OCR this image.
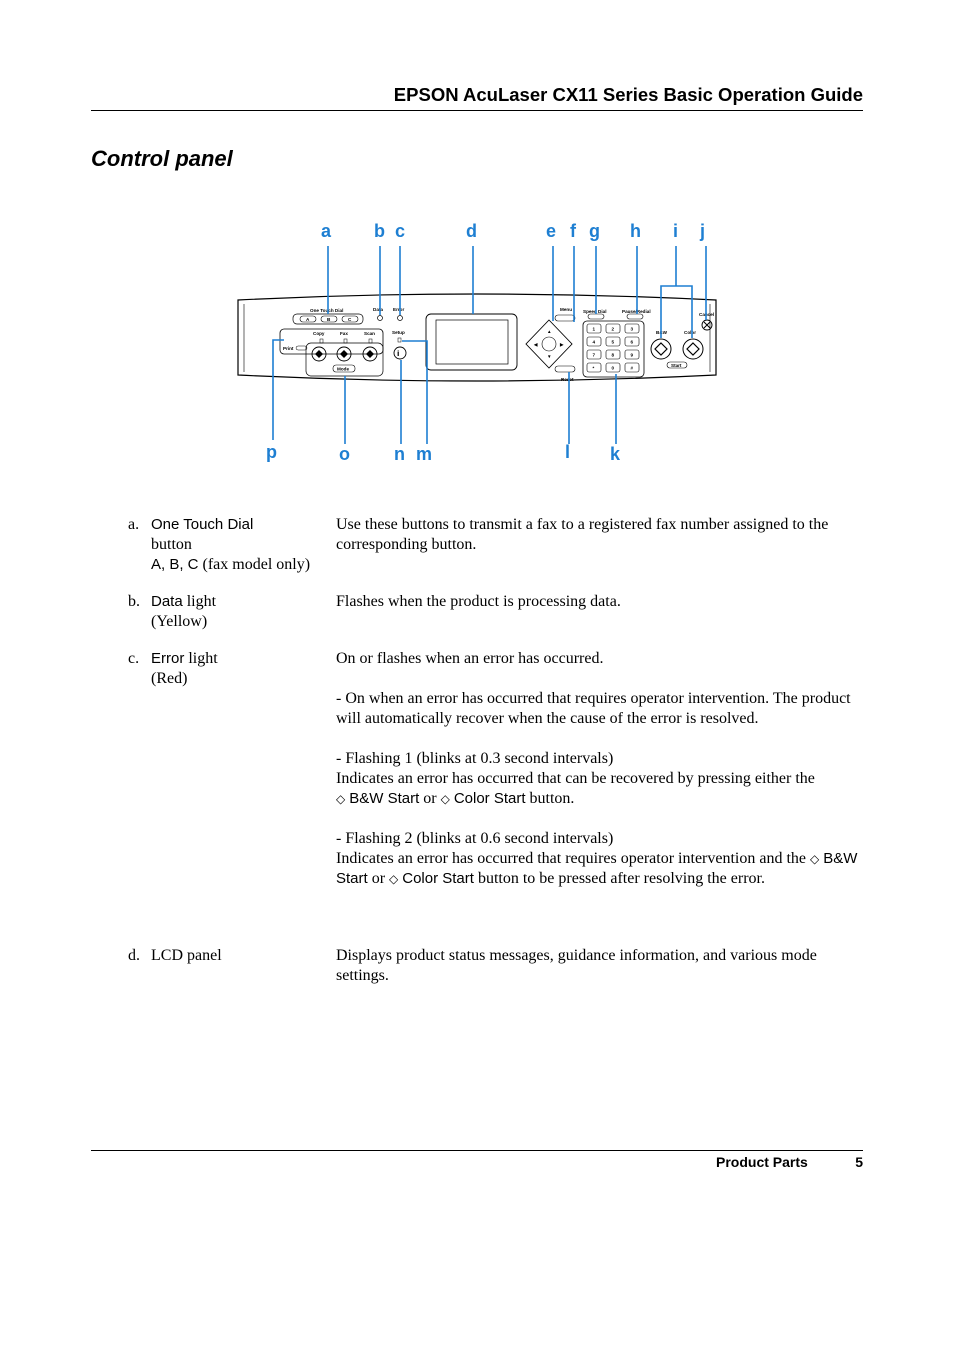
EPSON AcuLaser CX11 Series Basic Operation Guide
Control panel
One Touch Dial
A	B	C
Data Error
Copy	Fax	Scan
Print
Mode
Setup
i
Menu
▲
▼
◀	▶
Reset
Speed Dial	Pause/Redial
1	2	3
4	5	6
7	8	9
*	0	#
Cancel
B&W	Color
Start
a b c	d	e f g h i j
k
l
m
n
o
p
a. One Touch Dial
button
A, B, C (fax model only)

Use these buttons to transmit a fax to a registered fax number assigned to the corresponding button.

b. Data light
(Yellow)

Flashes when the product is processing data.

c. Error light
(Red)

On or flashes when an error has occurred.

- On when an error has occurred that requires operator intervention. The product will automatically recover when the cause of the error is resolved.

- Flashing 1 (blinks at 0.3 second intervals)
Indicates an error has occurred that can be recovered by pressing either the ◇ B&W Start or ◇ Color Start button.

- Flashing 2 (blinks at 0.6 second intervals)
Indicates an error has occurred that requires operator intervention and the ◇ B&W Start or ◇ Color Start button to be pressed after resolving the error.

d. LCD panel	Displays product status messages, guidance information, and various mode settings.

Product Parts	5
